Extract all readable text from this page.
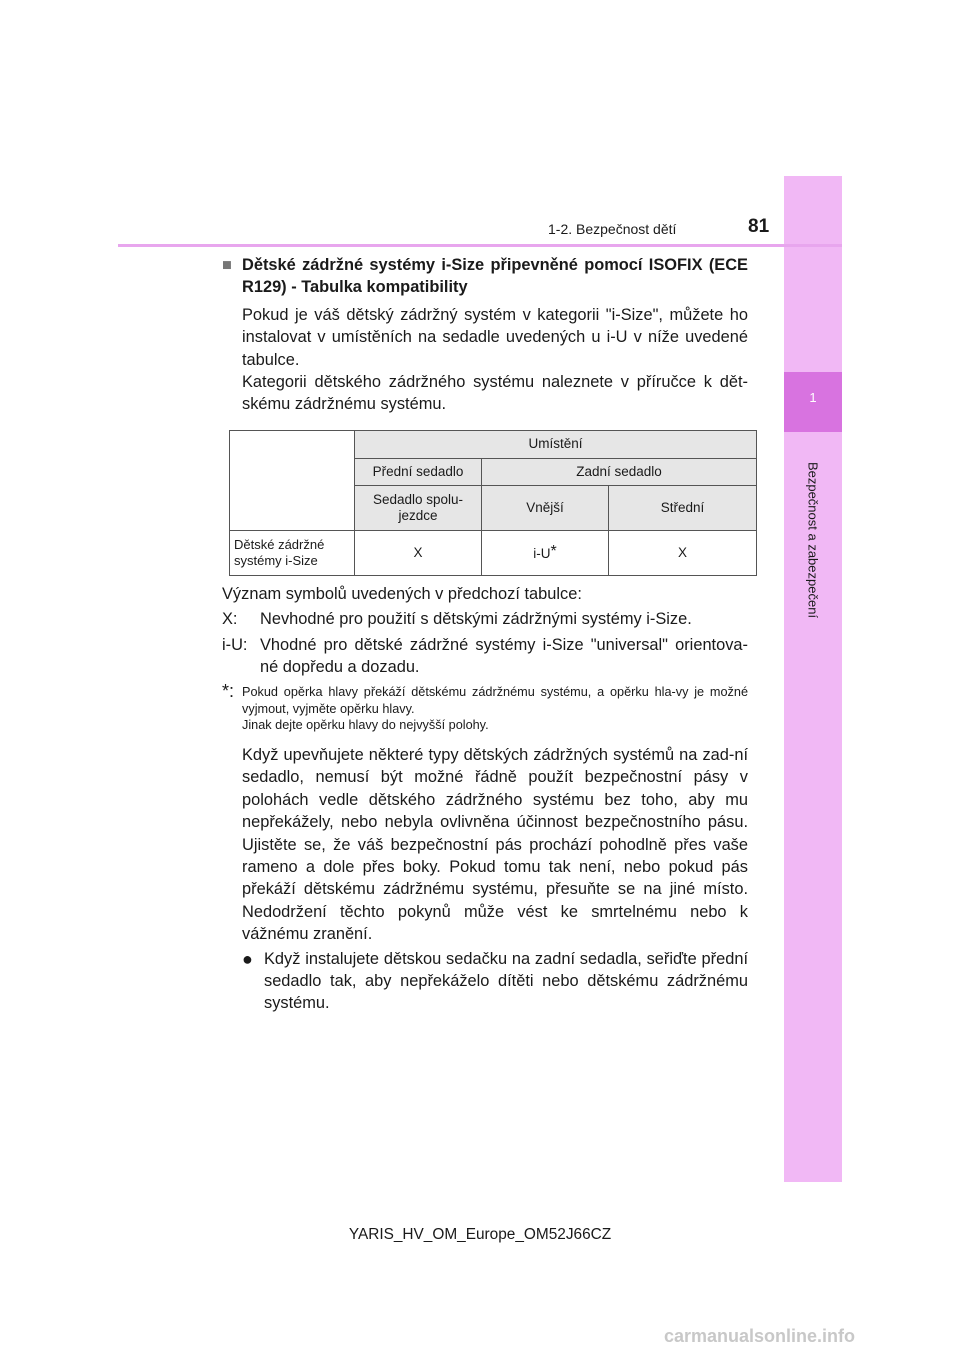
1
Bezpečnost a zabezpečení
1-2. Bezpečnost dětí	81
■ Dětské zádržné systémy i-Size připevněné pomocí ISOFIX (ECE R129) - Tabulka kompatibility
Pokud je váš dětský zádržný systém v kategorii "i-Size", můžete ho instalovat v umístěních na sedadle uvedených u i-U v níže uvedené tabulce.
Kategorii dětského zádržného systému naleznete v příručce k dět-skému zádržnému systému.
	Umístění		
	Přední sedadlo	Zadní sedadlo	
	Sedadlo spolu-jezdce	Vnější	Střední
Dětské zádržné systémy i-Size	X	i-U*	X
Význam symbolů uvedených v předchozí tabulce:
X:	Nevhodné pro použití s dětskými zádržnými systémy i-Size.
i-U: Vhodné pro dětské zádržné systémy i-Size "universal" orientova-né dopředu a dozadu.
*: Pokud opěrka hlavy překáží dětskému zádržnému systému, a opěrku hla-vy je možné vyjmout, vyjměte opěrku hlavy.
Jinak dejte opěrku hlavy do nejvyšší polohy.
Když upevňujete některé typy dětských zádržných systémů na zad-ní sedadlo, nemusí být možné řádně použít bezpečnostní pásy v polohách vedle dětského zádržného systému bez toho, aby mu nepřekážely, nebo nebyla ovlivněna účinnost bezpečnostního pásu. Ujistěte se, že váš bezpečnostní pás prochází pohodlně přes vaše rameno a dole přes boky. Pokud tomu tak není, nebo pokud pás překáží dětskému zádržnému systému, přesuňte se na jiné místo. Nedodržení těchto pokynů může vést ke smrtelnému nebo k vážnému zranění.
● Když instalujete dětskou sedačku na zadní sedadla, seřiďte přední sedadlo tak, aby nepřekáželo dítěti nebo dětskému zádržnému systému.
YARIS_HV_OM_Europe_OM52J66CZ
carmanualsonline.info
